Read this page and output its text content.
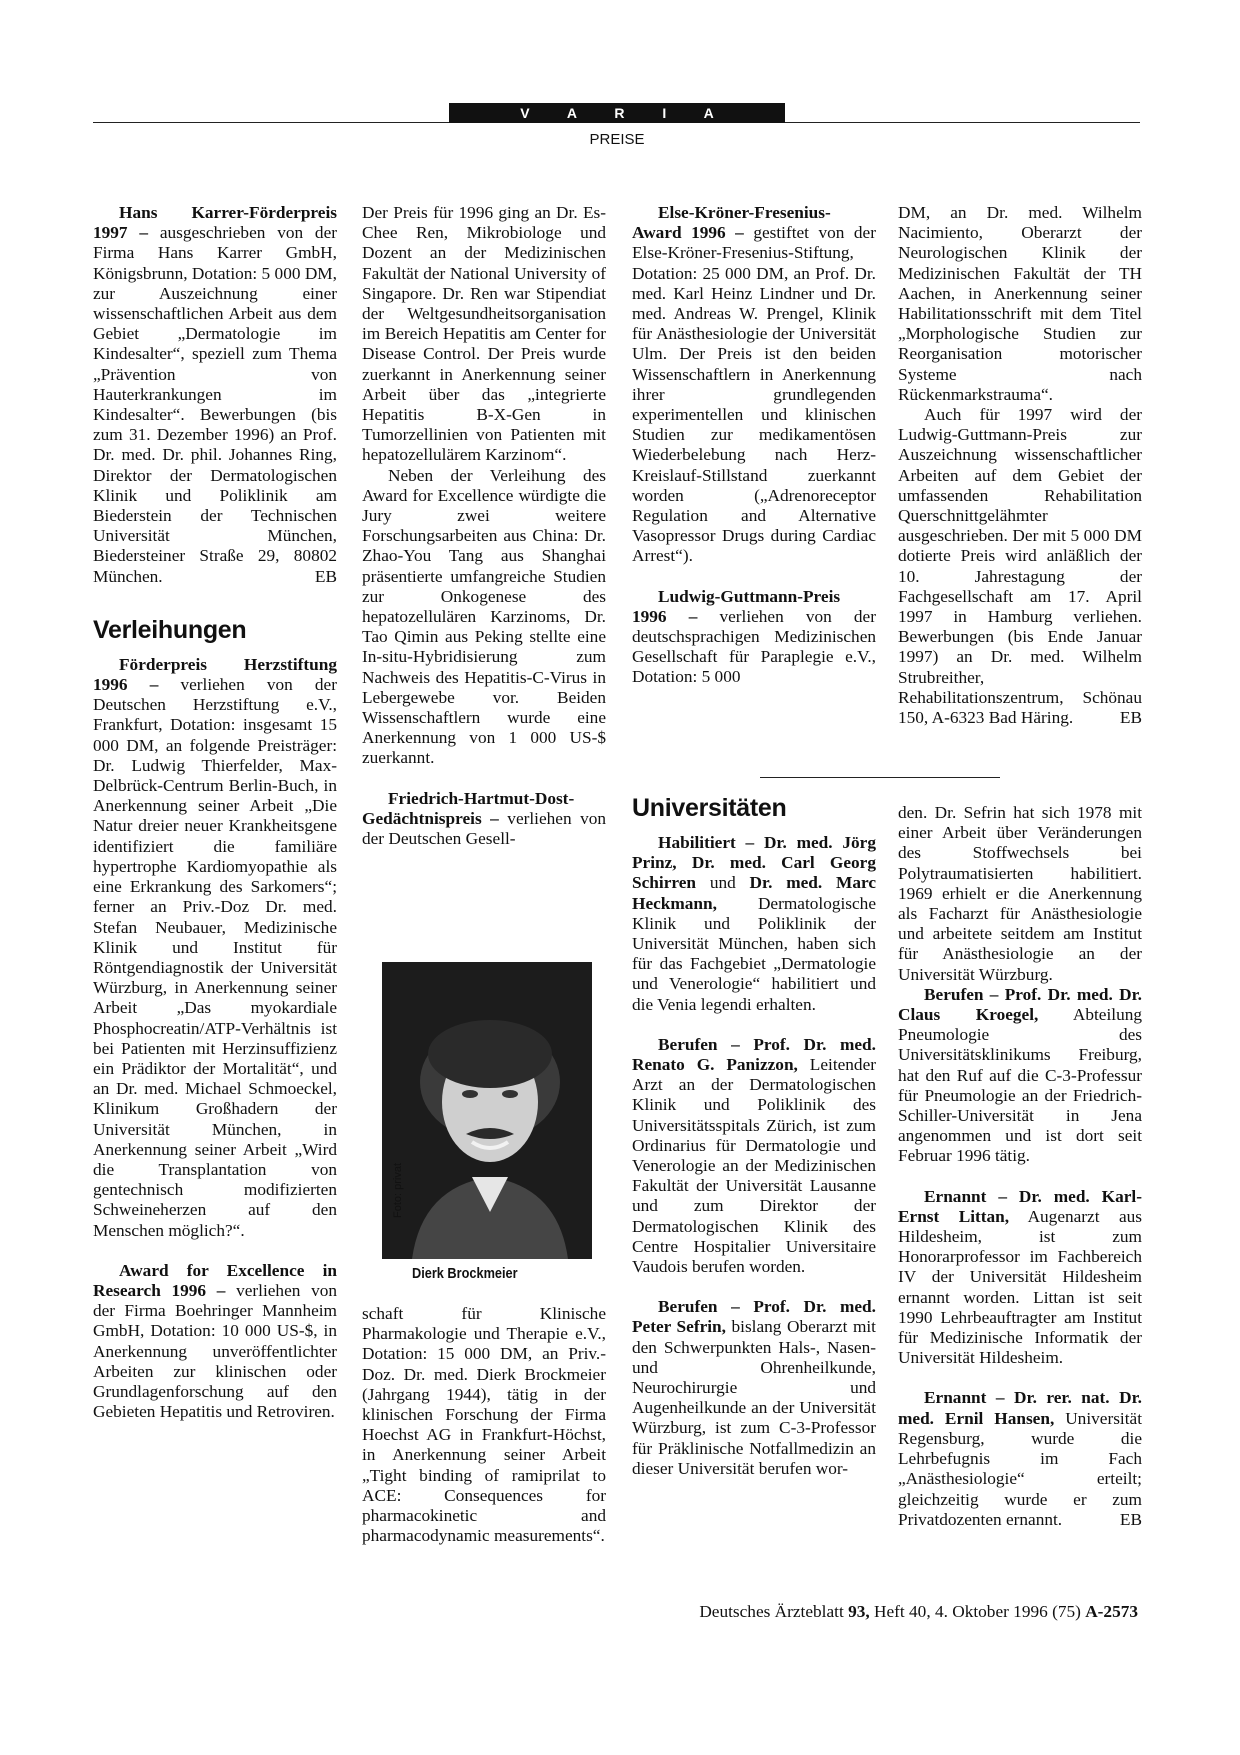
V A R I A
PREISE

Hans Karrer-Förderpreis 1997 – ausgeschrieben von der Firma Hans Karrer GmbH, Königsbrunn, Dotation: 5 000 DM, zur Auszeichnung einer wissenschaftlichen Arbeit aus dem Gebiet „Dermatologie im Kindesalter“, speziell zum Thema „Prävention von Hauterkrankungen im Kindesalter“. Bewerbungen (bis zum 31. Dezember 1996) an Prof. Dr. med. Dr. phil. Johannes Ring, Direktor der Dermatologischen Klinik und Poliklinik am Biederstein der Technischen Universität München, Biedersteiner Straße 29, 80802 München.	EB

Verleihungen

Förderpreis Herzstiftung 1996 – verliehen von der Deutschen Herzstiftung e.V., Frankfurt, Dotation: insgesamt 15 000 DM, an folgende Preisträger: Dr. Ludwig Thierfelder, Max-Delbrück-Centrum Berlin-Buch, in Anerkennung seiner Arbeit „Die Natur dreier neuer Krankheitsgene identifiziert die familiäre hypertrophe Kardiomyopathie als eine Erkrankung des Sarkomers“; ferner an Priv.-Doz Dr. med. Stefan Neubauer, Medizinische Klinik und Institut für Röntgendiagnostik der Universität Würzburg, in Anerkennung seiner Arbeit „Das myokardiale Phosphocreatin/ATP-Verhältnis ist bei Patienten mit Herzinsuffizienz ein Prädiktor der Mortalität“, und an Dr. med. Michael Schmoeckel, Klinikum Großhadern der Universität München, in Anerkennung seiner Arbeit „Wird die Transplantation von gentechnisch modifizierten Schweineherzen auf den Menschen möglich?“.

Award for Excellence in Research 1996 – verliehen von der Firma Boehringer Mannheim GmbH, Dotation: 10 000 US-$, in Anerkennung unveröffentlichter Arbeiten zur klinischen oder Grundlagenforschung auf den Gebieten Hepatitis und Retroviren.

Der Preis für 1996 ging an Dr. Es-Chee Ren, Mikrobiologe und Dozent an der Medizinischen Fakultät der National University of Singapore. Dr. Ren war Stipendiat der Weltgesundheitsorganisation im Bereich Hepatitis am Center for Disease Control. Der Preis wurde zuerkannt in Anerkennung seiner Arbeit über das „integrierte Hepatitis B-X-Gen in Tumorzellinien von Patienten mit hepatozellulärem Karzinom“.

Neben der Verleihung des Award for Excellence würdigte die Jury zwei weitere Forschungsarbeiten aus China: Dr. Zhao-You Tang aus Shanghai präsentierte umfangreiche Studien zur Onkogenese des hepatozellulären Karzinoms, Dr. Tao Qimin aus Peking stellte eine In-situ-Hybridisierung zum Nachweis des Hepatitis-C-Virus in Lebergewebe vor. Beiden Wissenschaftlern wurde eine Anerkennung von 1 000 US-$ zuerkannt.

Friedrich-Hartmut-Dost-Gedächtnispreis – verliehen von der Deutschen Gesell-

Foto: privat
Dierk Brockmeier

schaft für Klinische Pharmakologie und Therapie e.V., Dotation: 15 000 DM, an Priv.-Doz. Dr. med. Dierk Brockmeier (Jahrgang 1944), tätig in der klinischen Forschung der Firma Hoechst AG in Frankfurt-Höchst, in Anerkennung seiner Arbeit „Tight binding of ramiprilat to ACE: Consequences for pharmacokinetic and pharmacodynamic measurements“.

Else-Kröner-Fresenius-Award 1996 – gestiftet von der Else-Kröner-Fresenius-Stiftung, Dotation: 25 000 DM, an Prof. Dr. med. Karl Heinz Lindner und Dr. med. Andreas W. Prengel, Klinik für Anästhesiologie der Universität Ulm. Der Preis ist den beiden Wissenschaftlern in Anerkennung ihrer grundlegenden experimentellen und klinischen Studien zur medikamentösen Wiederbelebung nach Herz-Kreislauf-Stillstand zuerkannt worden („Adrenoreceptor Regulation and Alternative Vasopressor Drugs during Cardiac Arrest“).

Ludwig-Guttmann-Preis 1996 – verliehen von der deutschsprachigen Medizinischen Gesellschaft für Paraplegie e.V., Dotation: 5 000

DM, an Dr. med. Wilhelm Nacimiento, Oberarzt der Neurologischen Klinik der Medizinischen Fakultät der TH Aachen, in Anerkennung seiner Habilitationsschrift mit dem Titel „Morphologische Studien zur Reorganisation motorischer Systeme nach Rückenmarkstrauma“.

Auch für 1997 wird der Ludwig-Guttmann-Preis zur Auszeichnung wissenschaftlicher Arbeiten auf dem Gebiet der umfassenden Rehabilitation Querschnittgelähmter ausgeschrieben. Der mit 5 000 DM dotierte Preis wird anläßlich der 10. Jahrestagung der Fachgesellschaft am 17. April 1997 in Hamburg verliehen. Bewerbungen (bis Ende Januar 1997) an Dr. med. Wilhelm Strubreither, Rehabilitationszentrum, Schönau 150, A-6323 Bad Häring.	EB

Universitäten

Habilitiert – Dr. med. Jörg Prinz, Dr. med. Carl Georg Schirren und Dr. med. Marc Heckmann, Dermatologische Klinik und Poliklinik der Universität München, haben sich für das Fachgebiet „Dermatologie und Venerologie“ habilitiert und die Venia legendi erhalten.

Berufen – Prof. Dr. med. Renato G. Panizzon, Leitender Arzt an der Dermatologischen Klinik und Poliklinik des Universitätsspitals Zürich, ist zum Ordinarius für Dermatologie und Venerologie an der Medizinischen Fakultät der Universität Lausanne und zum Direktor der Dermatologischen Klinik des Centre Hospitalier Universitaire Vaudois berufen worden.

Berufen – Prof. Dr. med. Peter Sefrin, bislang Oberarzt mit den Schwerpunkten Hals-, Nasen- und Ohrenheilkunde, Neurochirurgie und Augenheilkunde an der Universität Würzburg, ist zum C-3-Professor für Präklinische Notfallmedizin an dieser Universität berufen wor-

den. Dr. Sefrin hat sich 1978 mit einer Arbeit über Veränderungen des Stoffwechsels bei Polytraumatisierten habilitiert. 1969 erhielt er die Anerkennung als Facharzt für Anästhesiologie und arbeitete seitdem am Institut für Anästhesiologie an der Universität Würzburg.

Berufen – Prof. Dr. med. Dr. Claus Kroegel, Abteilung Pneumologie des Universitätsklinikums Freiburg, hat den Ruf auf die C-3-Professur für Pneumologie an der Friedrich-Schiller-Universität in Jena angenommen und ist dort seit Februar 1996 tätig.

Ernannt – Dr. med. Karl-Ernst Littan, Augenarzt aus Hildesheim, ist zum Honorarprofessor im Fachbereich IV der Universität Hildesheim ernannt worden. Littan ist seit 1990 Lehrbeauftragter am Institut für Medizinische Informatik der Universität Hildesheim.

Ernannt – Dr. rer. nat. Dr. med. Ernil Hansen, Universität Regensburg, wurde die Lehrbefugnis im Fach „Anästhesiologie“ erteilt; gleichzeitig wurde er zum Privatdozenten ernannt.	EB

Deutsches Ärzteblatt 93, Heft 40, 4. Oktober 1996 (75) A-2573
